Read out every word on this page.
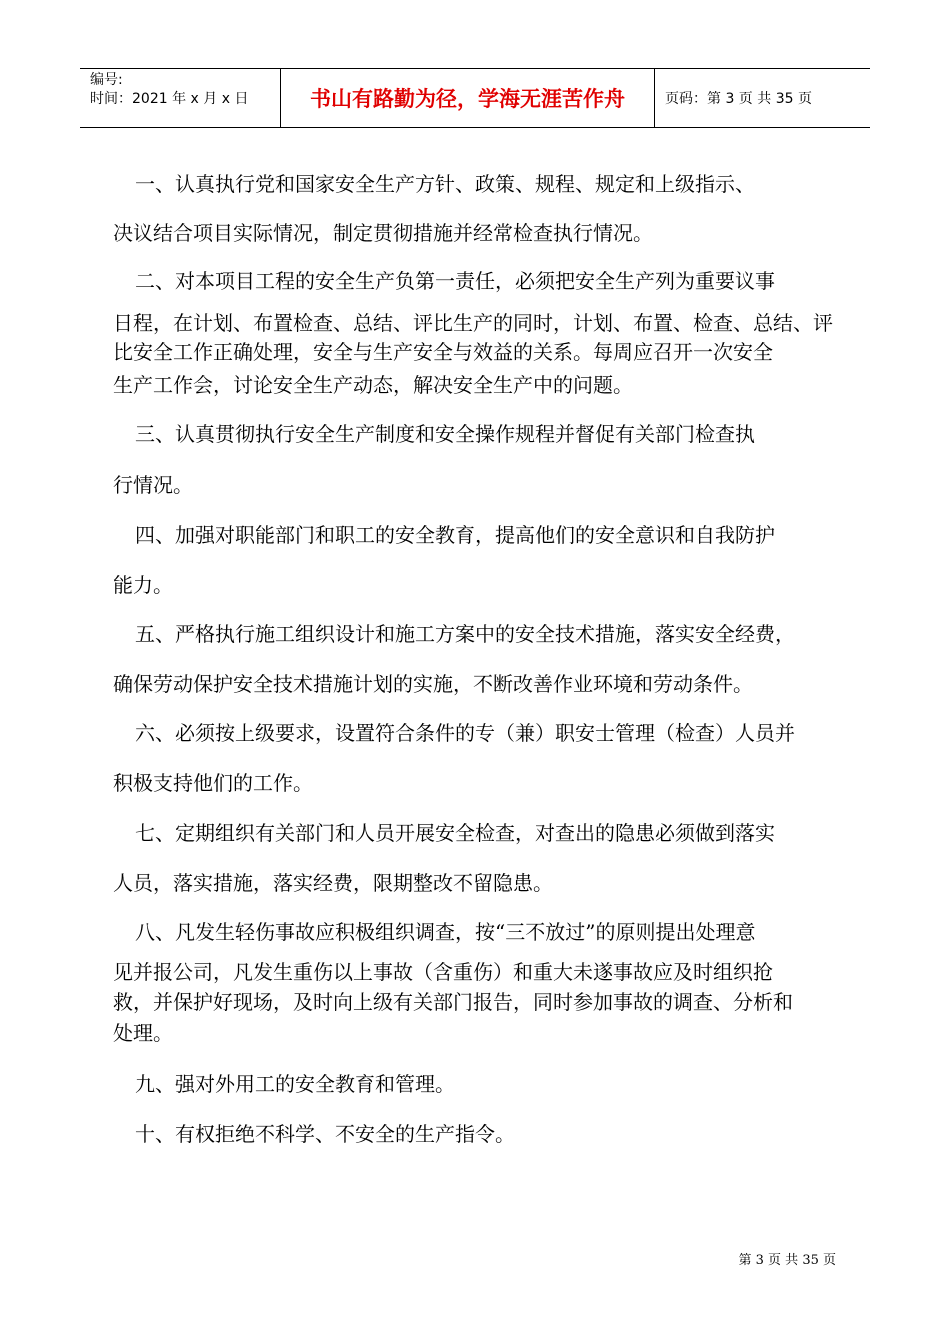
编号:
时间：2021 年 x 月 x 日	书山有路勤为径，学海无涯苦作舟	页码：第 3 页 共 35 页
一、认真执行党和国家安全生产方针、政策、规程、规定和上级指示、
决议结合项目实际情况，制定贯彻措施并经常检查执行情况。
二、对本项目工程的安全生产负第一责任，必须把安全生产列为重要议事
日程，在计划、布置检查、总结、评比生产的同时，计划、布置、检查、总结、评
比安全工作正确处理，安全与生产安全与效益的关系。每周应召开一次安全
生产工作会，讨论安全生产动态，解决安全生产中的问题。
三、认真贯彻执行安全生产制度和安全操作规程并督促有关部门检查执
行情况。
四、加强对职能部门和职工的安全教育，提高他们的安全意识和自我防护
能力。
五、严格执行施工组织设计和施工方案中的安全技术措施，落实安全经费，
确保劳动保护安全技术措施计划的实施，不断改善作业环境和劳动条件。
六、必须按上级要求，设置符合条件的专（兼）职安士管理（检查）人员并
积极支持他们的工作。
七、定期组织有关部门和人员开展安全检查，对查出的隐患必须做到落实
人员，落实措施，落实经费，限期整改不留隐患。
八、凡发生轻伤事故应积极组织调查，按“三不放过”的原则提出处理意
见并报公司，凡发生重伤以上事故（含重伤）和重大未遂事故应及时组织抢
救，并保护好现场，及时向上级有关部门报告，同时参加事故的调查、分析和
处理。
九、强对外用工的安全教育和管理。
十、有权拒绝不科学、不安全的生产指令。
第 3 页 共 35 页
